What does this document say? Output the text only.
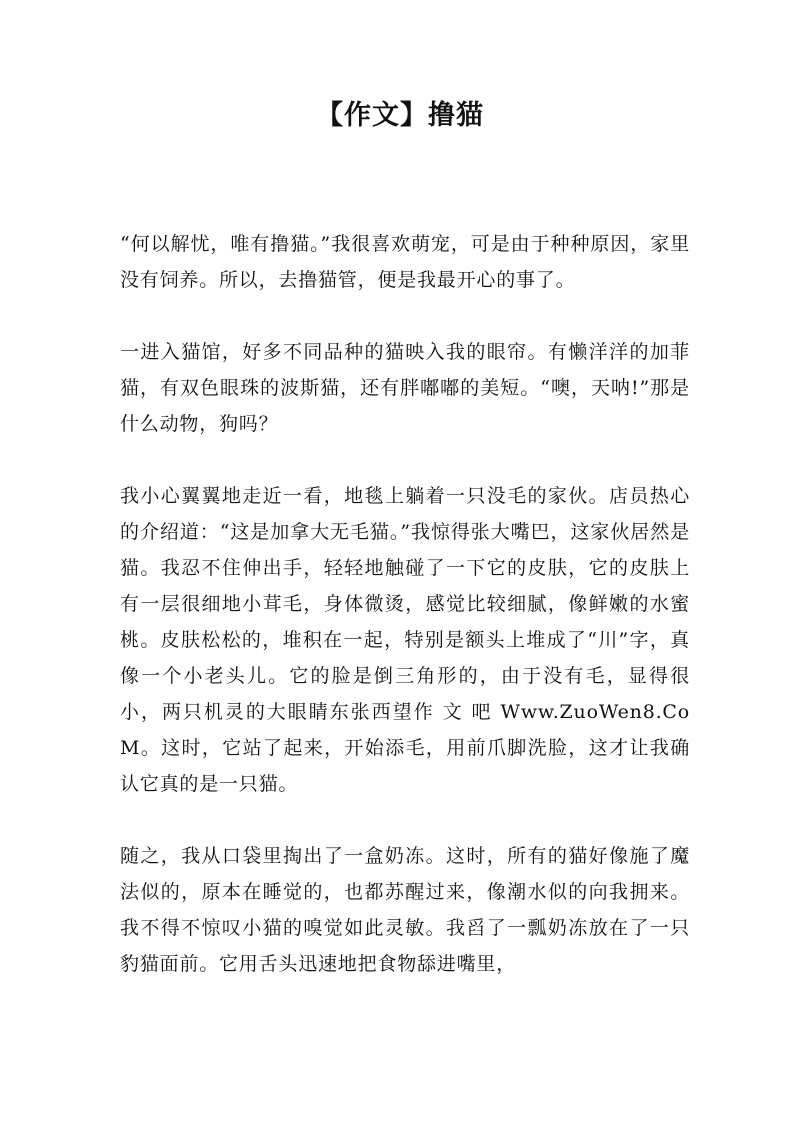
【作文】撸猫

“何以解忧，唯有撸猫。”我很喜欢萌宠，可是由于种种原因，家里没有饲养。所以，去撸猫管，便是我最开心的事了。

一进入猫馆，好多不同品种的猫映入我的眼帘。有懒洋洋的加菲猫，有双色眼珠的波斯猫，还有胖嘟嘟的美短。“噢，天呐!”那是什么动物，狗吗？

我小心翼翼地走近一看，地毯上躺着一只没毛的家伙。店员热心的介绍道：“这是加拿大无毛猫。”我惊得张大嘴巴，这家伙居然是猫。我忍不住伸出手，轻轻地触碰了一下它的皮肤，它的皮肤上有一层很细地小茸毛，身体微烫，感觉比较细腻，像鲜嫩的水蜜桃。皮肤松松的，堆积在一起，特别是额头上堆成了“川”字，真像一个小老头儿。它的脸是倒三角形的，由于没有毛，显得很小，两只机灵的大眼睛东张西望作 文 吧 Www.ZuoWen8.CoM。这时，它站了起来，开始添毛，用前爪脚洗脸，这才让我确认它真的是一只猫。

随之，我从口袋里掏出了一盒奶冻。这时，所有的猫好像施了魔法似的，原本在睡觉的，也都苏醒过来，像潮水似的向我拥来。我不得不惊叹小猫的嗅觉如此灵敏。我舀了一瓢奶冻放在了一只豹猫面前。它用舌头迅速地把食物舔进嘴里，
